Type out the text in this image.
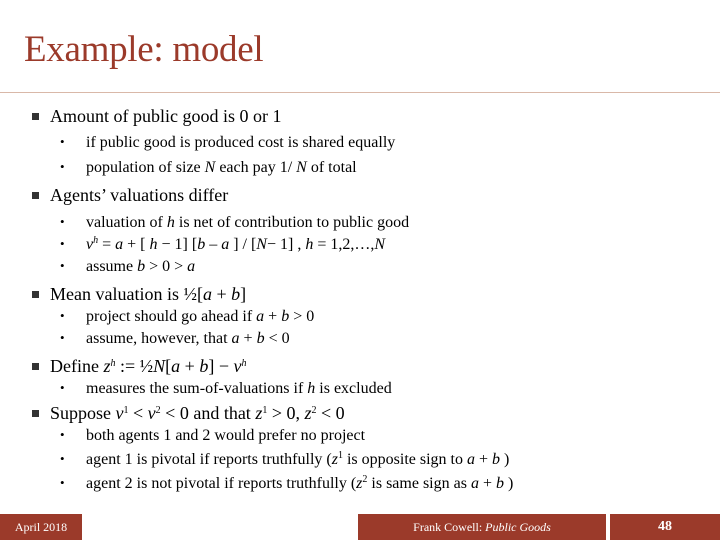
Example: model
Amount of public good is 0 or 1
• if public good is produced cost is shared equally
• population of size N each pay 1/ N of total
Agents’ valuations differ
• valuation of h is net of contribution to public good
• $v^h = a$ + [ h − 1] [b – a ] / [N− 1] , h = 1,2,…,N
• assume b > 0 > a
Mean valuation is ½[a + b]
• project should go ahead if a + b > 0
• assume, however, that a + b < 0
Define $z^h$ := ½N[a + $b] - v^h$
• measures the sum-of-valuations if h is excluded
Suppose $v^1 < v^2 < 0$ and that $z^1 > 0$, $z^2 < 0$
• both agents 1 and 2 would prefer no project
• agent 1 is pivotal if reports truthfully ($z^1$ is opposite sign to a + b )
• agent 2 is not pivotal if reports truthfully ($z^2$ is same sign as a + b )
April 2018	Frank Cowell: Public Goods	48
